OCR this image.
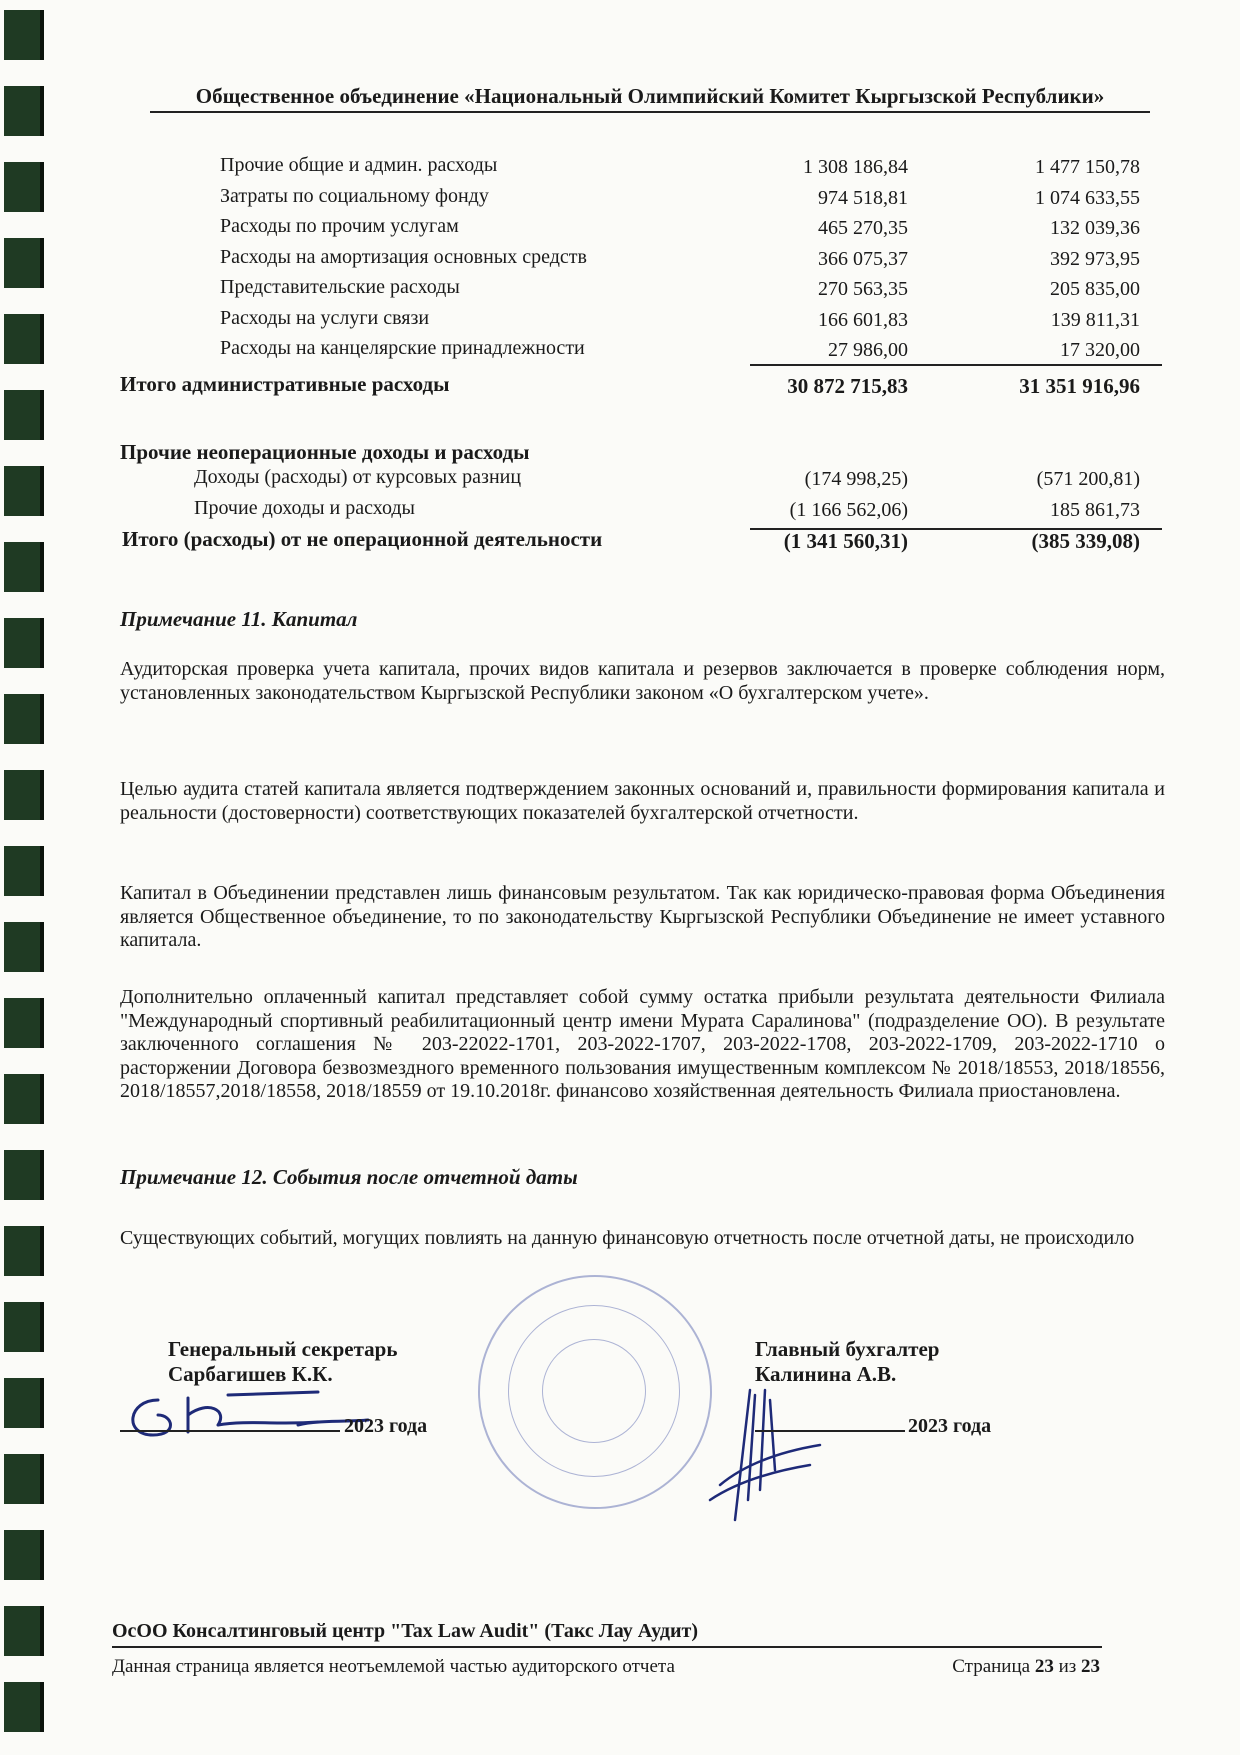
Общественное объединение «Национальный Олимпийский Комитет Кыргызской Республики»
Прочие общие и админ. расходы	1 308 186,84	1 477 150,78
Затраты по социальному фонду	974 518,81	1 074 633,55
Расходы по прочим услугам	465 270,35	132 039,36
Расходы на амортизация основных средств	366 075,37	392 973,95
Представительские расходы	270 563,35	205 835,00
Расходы на услуги связи	166 601,83	139 811,31
Расходы на канцелярские принадлежности	27 986,00	17 320,00
Итого административные расходы	30 872 715,83	31 351 916,96
Прочие неоперационные доходы и расходы
Доходы (расходы) от курсовых разниц	(174 998,25)	(571 200,81)
Прочие доходы и расходы	(1 166 562,06)	185 861,73
Итого (расходы) от не операционной деятельности	(1 341 560,31)	(385 339,08)
Примечание 11. Капитал
Аудиторская проверка учета капитала, прочих видов капитала и резервов заключается в проверке соблюдения норм, установленных законодательством Кыргызской Республики законом «О бухгалтерском учете».
Целью аудита статей капитала является подтверждением законных оснований и, правильности формирования капитала и реальности (достоверности) соответствующих показателей бухгалтерской отчетности.
Капитал в Объединении представлен лишь финансовым результатом. Так как юридическо-правовая форма Объединения является Общественное объединение, то по законодательству Кыргызской Республики Объединение не имеет уставного капитала.
Дополнительно оплаченный капитал представляет собой сумму остатка прибыли результата деятельности Филиала "Международный спортивный реабилитационный центр имени Мурата Саралинова" (подразделение ОО). В результате заключенного соглашения № 203-22022-1701, 203-2022-1707, 203-2022-1708, 203-2022-1709, 203-2022-1710 о расторжении Договора безвозмездного временного пользования имущественным комплексом № 2018/18553, 2018/18556, 2018/18557,2018/18558, 2018/18559 от 19.10.2018г. финансово хозяйственная деятельность Филиала приостановлена.
Примечание 12. События после отчетной даты
Существующих событий, могущих повлиять на данную финансовую отчетность после отчетной даты, не происходило
Генеральный секретарь
Сарбагишев К.К.
2023 года
Главный бухгалтер
Калинина А.В.
2023 года
ОсОО Консалтинговый центр "Tax Law Audit" (Такс Лау Аудит)
Данная страница является неотъемлемой частью аудиторского отчета	Страница 23 из 23
